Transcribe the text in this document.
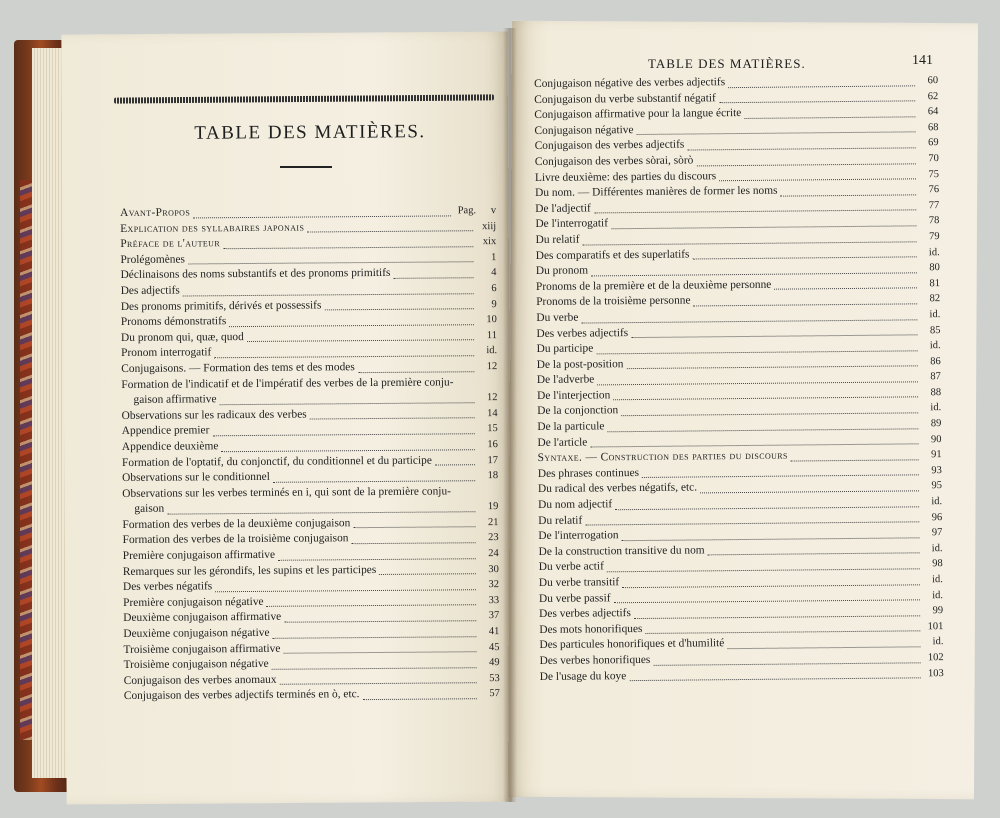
TABLE DES MATIÈRES.
TABLE DES MATIÈRES.	141
Avant-Propos	Pag.	v
Explication des syllabaires japonais	xiij
Préface de l'auteur	xix
Prolégomènes	1
Déclinaisons des noms substantifs et des pronoms primitifs	4
Des adjectifs	6
Des pronoms primitifs, dérivés et possessifs	9
Pronoms démonstratifs	10
Du pronom qui, quæ, quod	11
Pronom interrogatif	id.
Conjugaisons. — Formation des tems et des modes	12
Formation de l'indicatif et de l'impératif des verbes de la première conju-
gaison affirmative	12
Observations sur les radicaux des verbes	14
Appendice premier	15
Appendice deuxième	16
Formation de l'optatif, du conjonctif, du conditionnel et du participe	17
Observations sur le conditionnel	18
Observations sur les verbes terminés en i, qui sont de la première conju-
gaison	19
Formation des verbes de la deuxième conjugaison	21
Formation des verbes de la troisième conjugaison	23
Première conjugaison affirmative	24
Remarques sur les gérondifs, les supins et les participes	30
Des verbes négatifs	32
Première conjugaison négative	33
Deuxième conjugaison affirmative	37
Deuxième conjugaison négative	41
Troisième conjugaison affirmative	45
Troisième conjugaison négative	49
Conjugaison des verbes anomaux	53
Conjugaison des verbes adjectifs terminés en ò, etc.	57
Conjugaison négative des verbes adjectifs	60
Conjugaison du verbe substantif négatif	62
Conjugaison affirmative pour la langue écrite	64
Conjugaison négative	68
Conjugaison des verbes adjectifs	69
Conjugaison des verbes sòrai, sòrò	70
Livre deuxième: des parties du discours	75
Du nom. — Différentes manières de former les noms	76
De l'adjectif	77
De l'interrogatif	78
Du relatif	79
Des comparatifs et des superlatifs	id.
Du pronom	80
Pronoms de la première et de la deuxième personne	81
Pronoms de la troisième personne	82
Du verbe	id.
Des verbes adjectifs	85
Du participe	id.
De la post-position	86
De l'adverbe	87
De l'interjection	88
De la conjonction	id.
De la particule	89
De l'article	90
Syntaxe. — Construction des parties du discours	91
Des phrases continues	93
Du radical des verbes négatifs, etc.	95
Du nom adjectif	id.
Du relatif	96
De l'interrogation	97
De la construction transitive du nom	id.
Du verbe actif	98
Du verbe transitif	id.
Du verbe passif	id.
Des verbes adjectifs	99
Des mots honorifiques	101
Des particules honorifiques et d'humilité	id.
Des verbes honorifiques	102
De l'usage du koye	103
